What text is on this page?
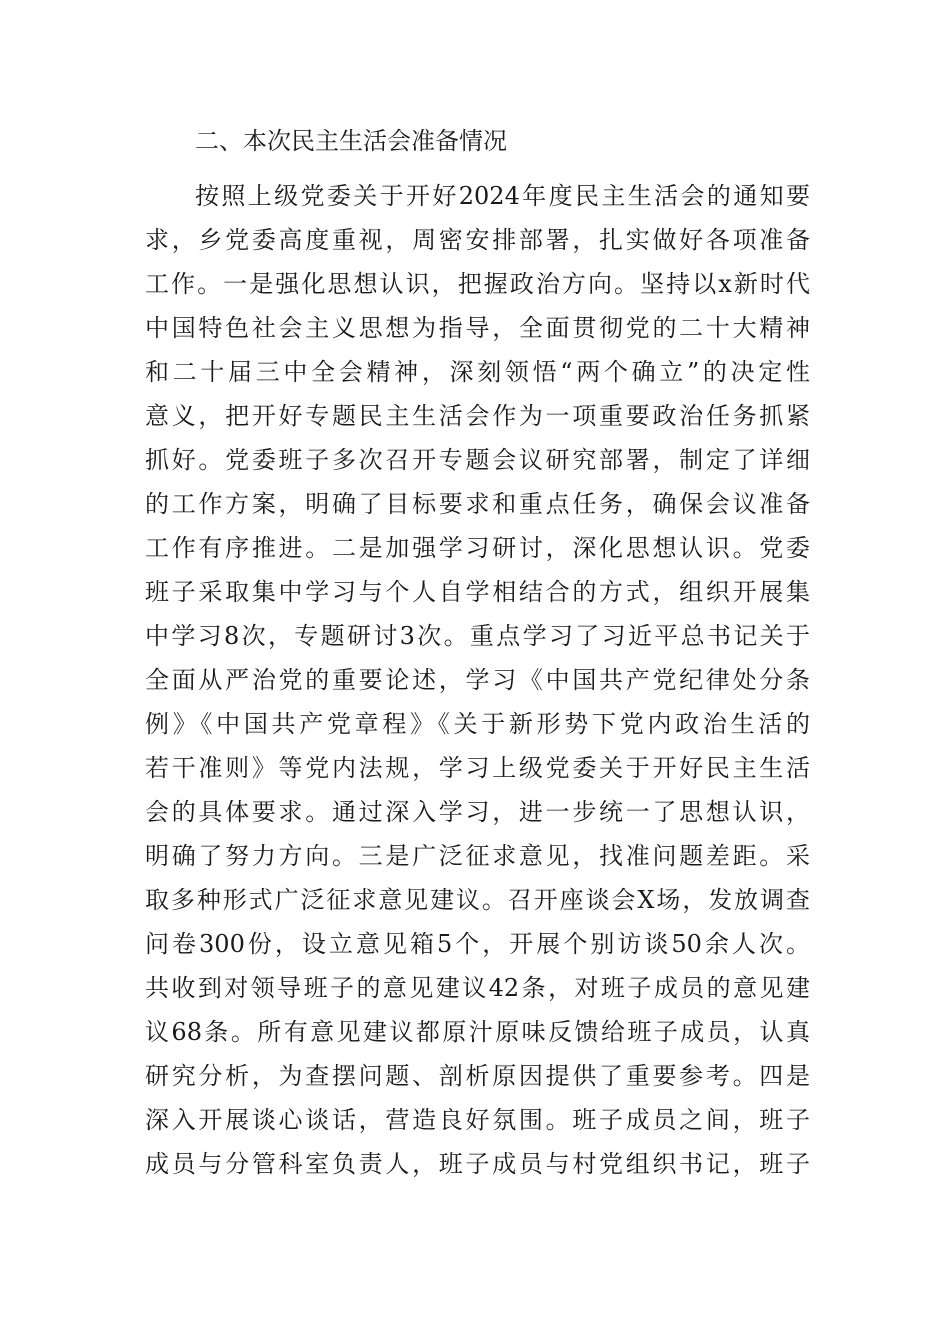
二、本次民主生活会准备情况
按照上级党委关于开好2024年度民主生活会的通知要
求，乡党委高度重视，周密安排部署，扎实做好各项准备
工作。一是强化思想认识，把握政治方向。坚持以x新时代
中国特色社会主义思想为指导，全面贯彻党的二十大精神
和二十届三中全会精神，深刻领悟“两个确立”的决定性
意义，把开好专题民主生活会作为一项重要政治任务抓紧
抓好。党委班子多次召开专题会议研究部署，制定了详细
的工作方案，明确了目标要求和重点任务，确保会议准备
工作有序推进。二是加强学习研讨，深化思想认识。党委
班子采取集中学习与个人自学相结合的方式，组织开展集
中学习8次，专题研讨3次。重点学习了习近平总书记关于
全面从严治党的重要论述，学习《中国共产党纪律处分条
例》《中国共产党章程》《关于新形势下党内政治生活的
若干准则》等党内法规，学习上级党委关于开好民主生活
会的具体要求。通过深入学习，进一步统一了思想认识，
明确了努力方向。三是广泛征求意见，找准问题差距。采
取多种形式广泛征求意见建议。召开座谈会X场，发放调查
问卷300份，设立意见箱5个，开展个别访谈50余人次。
共收到对领导班子的意见建议42条，对班子成员的意见建
议68条。所有意见建议都原汁原味反馈给班子成员，认真
研究分析，为查摆问题、剖析原因提供了重要参考。四是
深入开展谈心谈话，营造良好氛围。班子成员之间，班子
成员与分管科室负责人，班子成员与村党组织书记，班子
